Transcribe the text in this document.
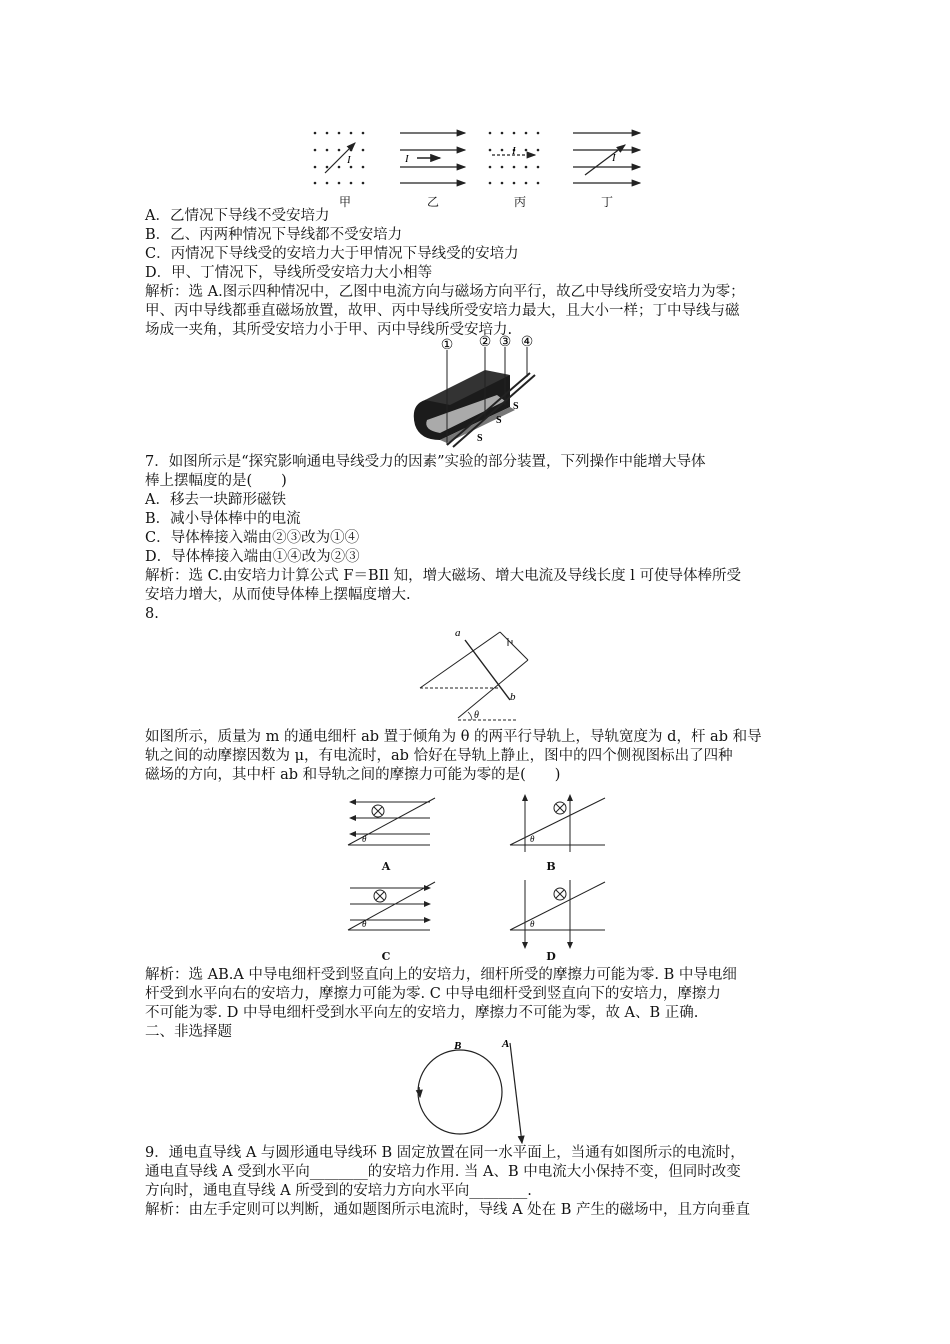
I	I
I
I
甲	乙	丙	丁
A．乙情况下导线不受安培力
B．乙、丙两种情况下导线都不受安培力
C．丙情况下导线受的安培力大于甲情况下导线受的安培力
D．甲、丁情况下，导线所受安培力大小相等
解析：选 A.图示四种情况中，乙图中电流方向与磁场方向平行，故乙中导线所受安培力为零；
甲、丙中导线都垂直磁场放置，故甲、丙中导线所受安培力最大，且大小一样；丁中导线与磁
场成一夹角，其所受安培力小于甲、丙中导线所受安培力.
① ② ③ ④
S
S
S
7．如图所示是“探究影响通电导线受力的因素”实验的部分装置，下列操作中能增大导体
棒上摆幅度的是(　　)
A．移去一块蹄形磁铁
B．减小导体棒中的电流
C．导体棒接入端由②③改为①④
D．导体棒接入端由①④改为②③
解析：选 C.由安培力计算公式 F＝BIl 知，增大磁场、增大电流及导线长度 l 可使导体棒所受
安培力增大，从而使导体棒上摆幅度增大.
8.
a
b
θ
如图所示，质量为 m 的通电细杆 ab 置于倾角为 θ 的两平行导轨上，导轨宽度为 d，杆 ab 和导
轨之间的动摩擦因数为 μ，有电流时，ab 恰好在导轨上静止，图中的四个侧视图标出了四种
磁场的方向，其中杆 ab 和导轨之间的摩擦力可能为零的是(　　)
θ	θ
θ	θ
A	B
C	D
解析：选 AB.A 中导电细杆受到竖直向上的安培力，细杆所受的摩擦力可能为零. B 中导电细
杆受到水平向右的安培力，摩擦力可能为零. C 中导电细杆受到竖直向下的安培力，摩擦力
不可能为零. D 中导电细杆受到水平向左的安培力，摩擦力不可能为零，故 A、B 正确.
二、非选择题
B	A
9．通电直导线 A 与圆形通电导线环 B 固定放置在同一水平面上，当通有如图所示的电流时，
通电直导线 A 受到水平向________的安培力作用. 当 A、B 中电流大小保持不变，但同时改变
方向时，通电直导线 A 所受到的安培力方向水平向________.
解析：由左手定则可以判断，通如题图所示电流时，导线 A 处在 B 产生的磁场中，且方向垂直
